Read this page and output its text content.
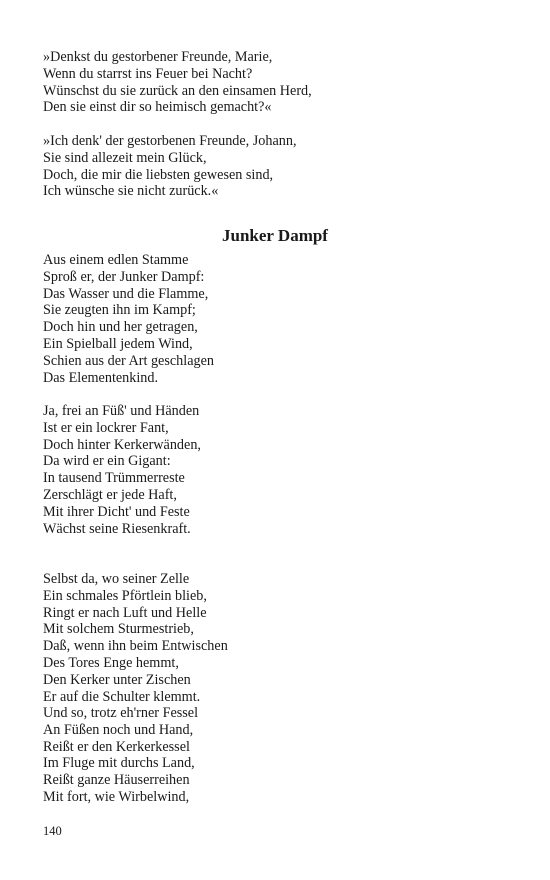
»Denkst du gestorbener Freunde, Marie,
Wenn du starrst ins Feuer bei Nacht?
Wünschst du sie zurück an den einsamen Herd,
Den sie einst dir so heimisch gemacht?«
»Ich denk' der gestorbenen Freunde, Johann,
Sie sind allezeit mein Glück,
Doch, die mir die liebsten gewesen sind,
Ich wünsche sie nicht zurück.«
Junker Dampf
Aus einem edlen Stamme
Sproß er, der Junker Dampf:
Das Wasser und die Flamme,
Sie zeugten ihn im Kampf;
Doch hin und her getragen,
Ein Spielball jedem Wind,
Schien aus der Art geschlagen
Das Elementenkind.
Ja, frei an Füß' und Händen
Ist er ein lockrer Fant,
Doch hinter Kerkerwänden,
Da wird er ein Gigant:
In tausend Trümmerreste
Zerschlägt er jede Haft,
Mit ihrer Dicht' und Feste
Wächst seine Riesenkraft.
Selbst da, wo seiner Zelle
Ein schmales Pförtlein blieb,
Ringt er nach Luft und Helle
Mit solchem Sturmestrieb,
Daß, wenn ihn beim Entwischen
Des Tores Enge hemmt,
Den Kerker unter Zischen
Er auf die Schulter klemmt.
Und so, trotz eh'rner Fessel
An Füßen noch und Hand,
Reißt er den Kerkerkessel
Im Fluge mit durchs Land,
Reißt ganze Häuserreihen
Mit fort, wie Wirbelwind,
140
